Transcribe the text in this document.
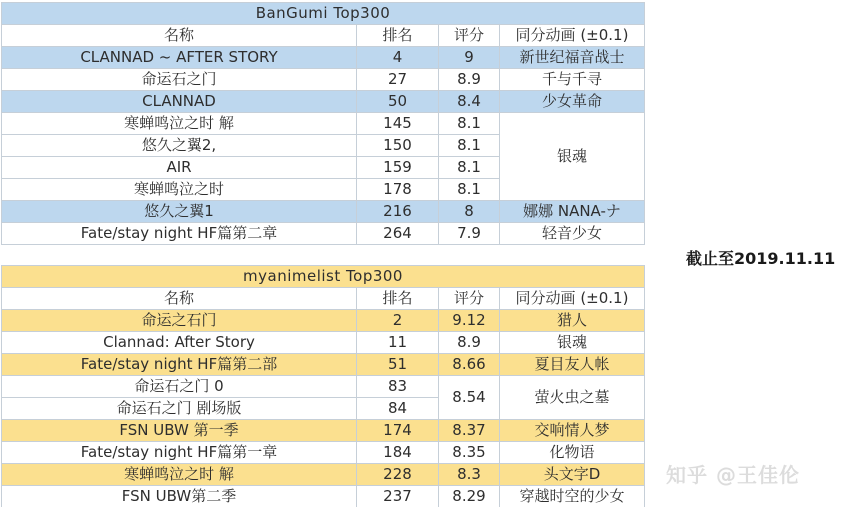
BanGumi Top300			
名称	排名	评分	同分动画 (±0.1)
CLANNAD ~ AFTER STORY	4	9	新世纪福音战士
命运石之门	27	8.9	千与千寻
CLANNAD	50	8.4	少女革命
寒蝉鸣泣之时 解	145	8.1	银魂
悠久之翼2,	150	8.1	
AIR	159	8.1	
寒蝉鸣泣之时	178	8.1	
悠久之翼1	216	8	娜娜 NANA-ナ
Fate/stay night HF篇第二章	264	7.9	轻音少女
myanimelist Top300			
名称	排名	评分	同分动画 (±0.1)
命运之石门	2	9.12	猎人
Clannad: After Story	11	8.9	银魂
Fate/stay night HF篇第二部	51	8.66	夏目友人帐
命运石之门 0	83	8.54	萤火虫之墓
命运石之门 剧场版	84		
FSN UBW 第一季	174	8.37	交响情人梦
Fate/stay night HF篇第一章	184	8.35	化物语
寒蝉鸣泣之时 解	228	8.3	头文字D
FSN UBW第二季	237	8.29	穿越时空的少女
截止至2019.11.11
知乎 @王佳伦
